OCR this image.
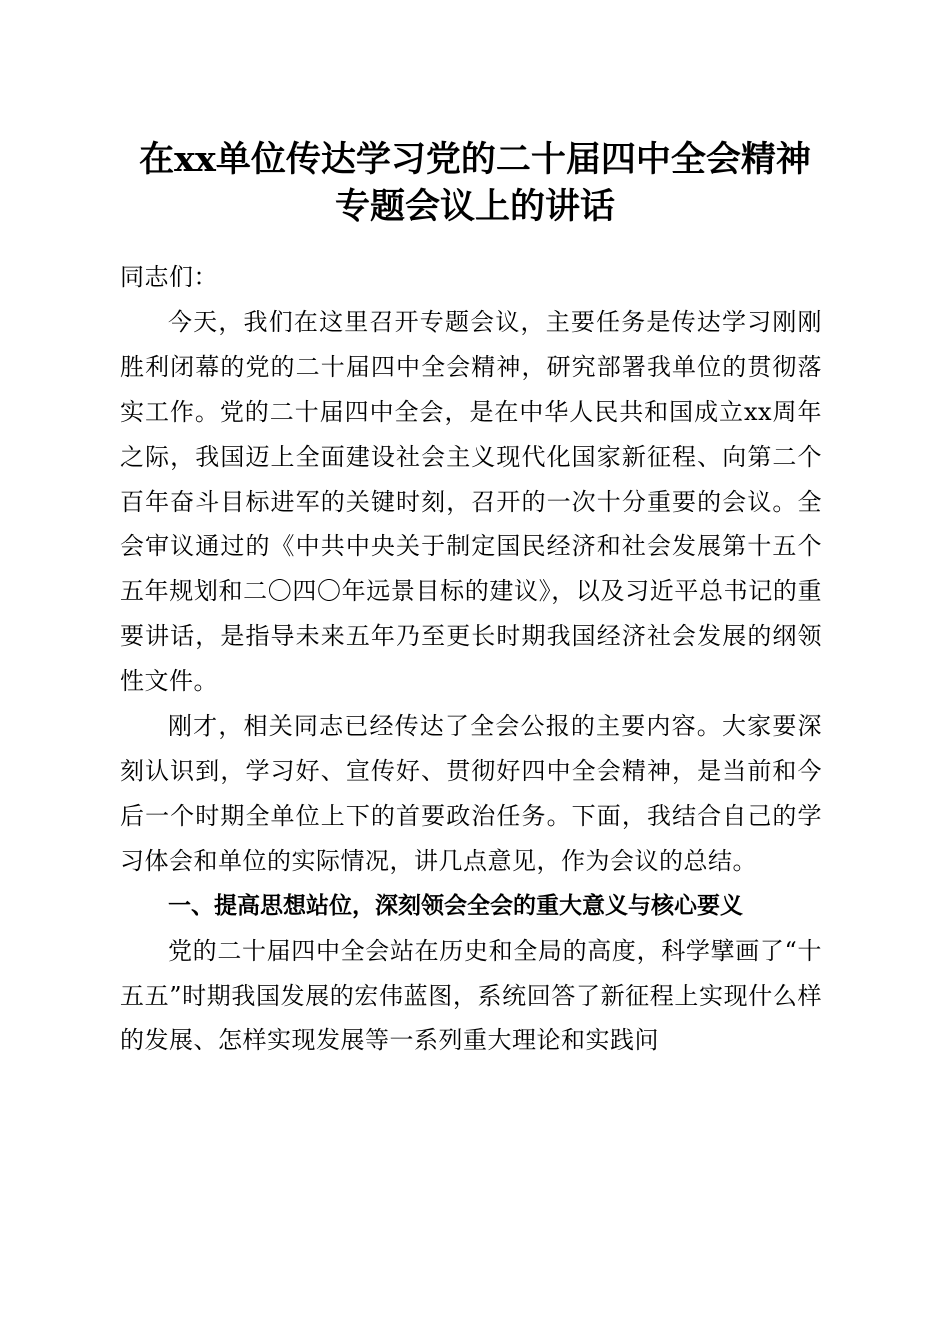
在xx单位传达学习党的二十届四中全会精神
专题会议上的讲话

同志们：

今天，我们在这里召开专题会议，主要任务是传达学习刚刚胜利闭幕的党的二十届四中全会精神，研究部署我单位的贯彻落实工作。党的二十届四中全会，是在中华人民共和国成立xx周年之际，我国迈上全面建设社会主义现代化国家新征程、向第二个百年奋斗目标进军的关键时刻，召开的一次十分重要的会议。全会审议通过的《中共中央关于制定国民经济和社会发展第十五个五年规划和二〇四〇年远景目标的建议》，以及习近平总书记的重要讲话，是指导未来五年乃至更长时期我国经济社会发展的纲领性文件。

刚才，相关同志已经传达了全会公报的主要内容。大家要深刻认识到，学习好、宣传好、贯彻好四中全会精神，是当前和今后一个时期全单位上下的首要政治任务。下面，我结合自己的学习体会和单位的实际情况，讲几点意见，作为会议的总结。

一、提高思想站位，深刻领会全会的重大意义与核心要义

党的二十届四中全会站在历史和全局的高度，科学擘画了“十五五”时期我国发展的宏伟蓝图，系统回答了新征程上实现什么样的发展、怎样实现发展等一系列重大理论和实践问
